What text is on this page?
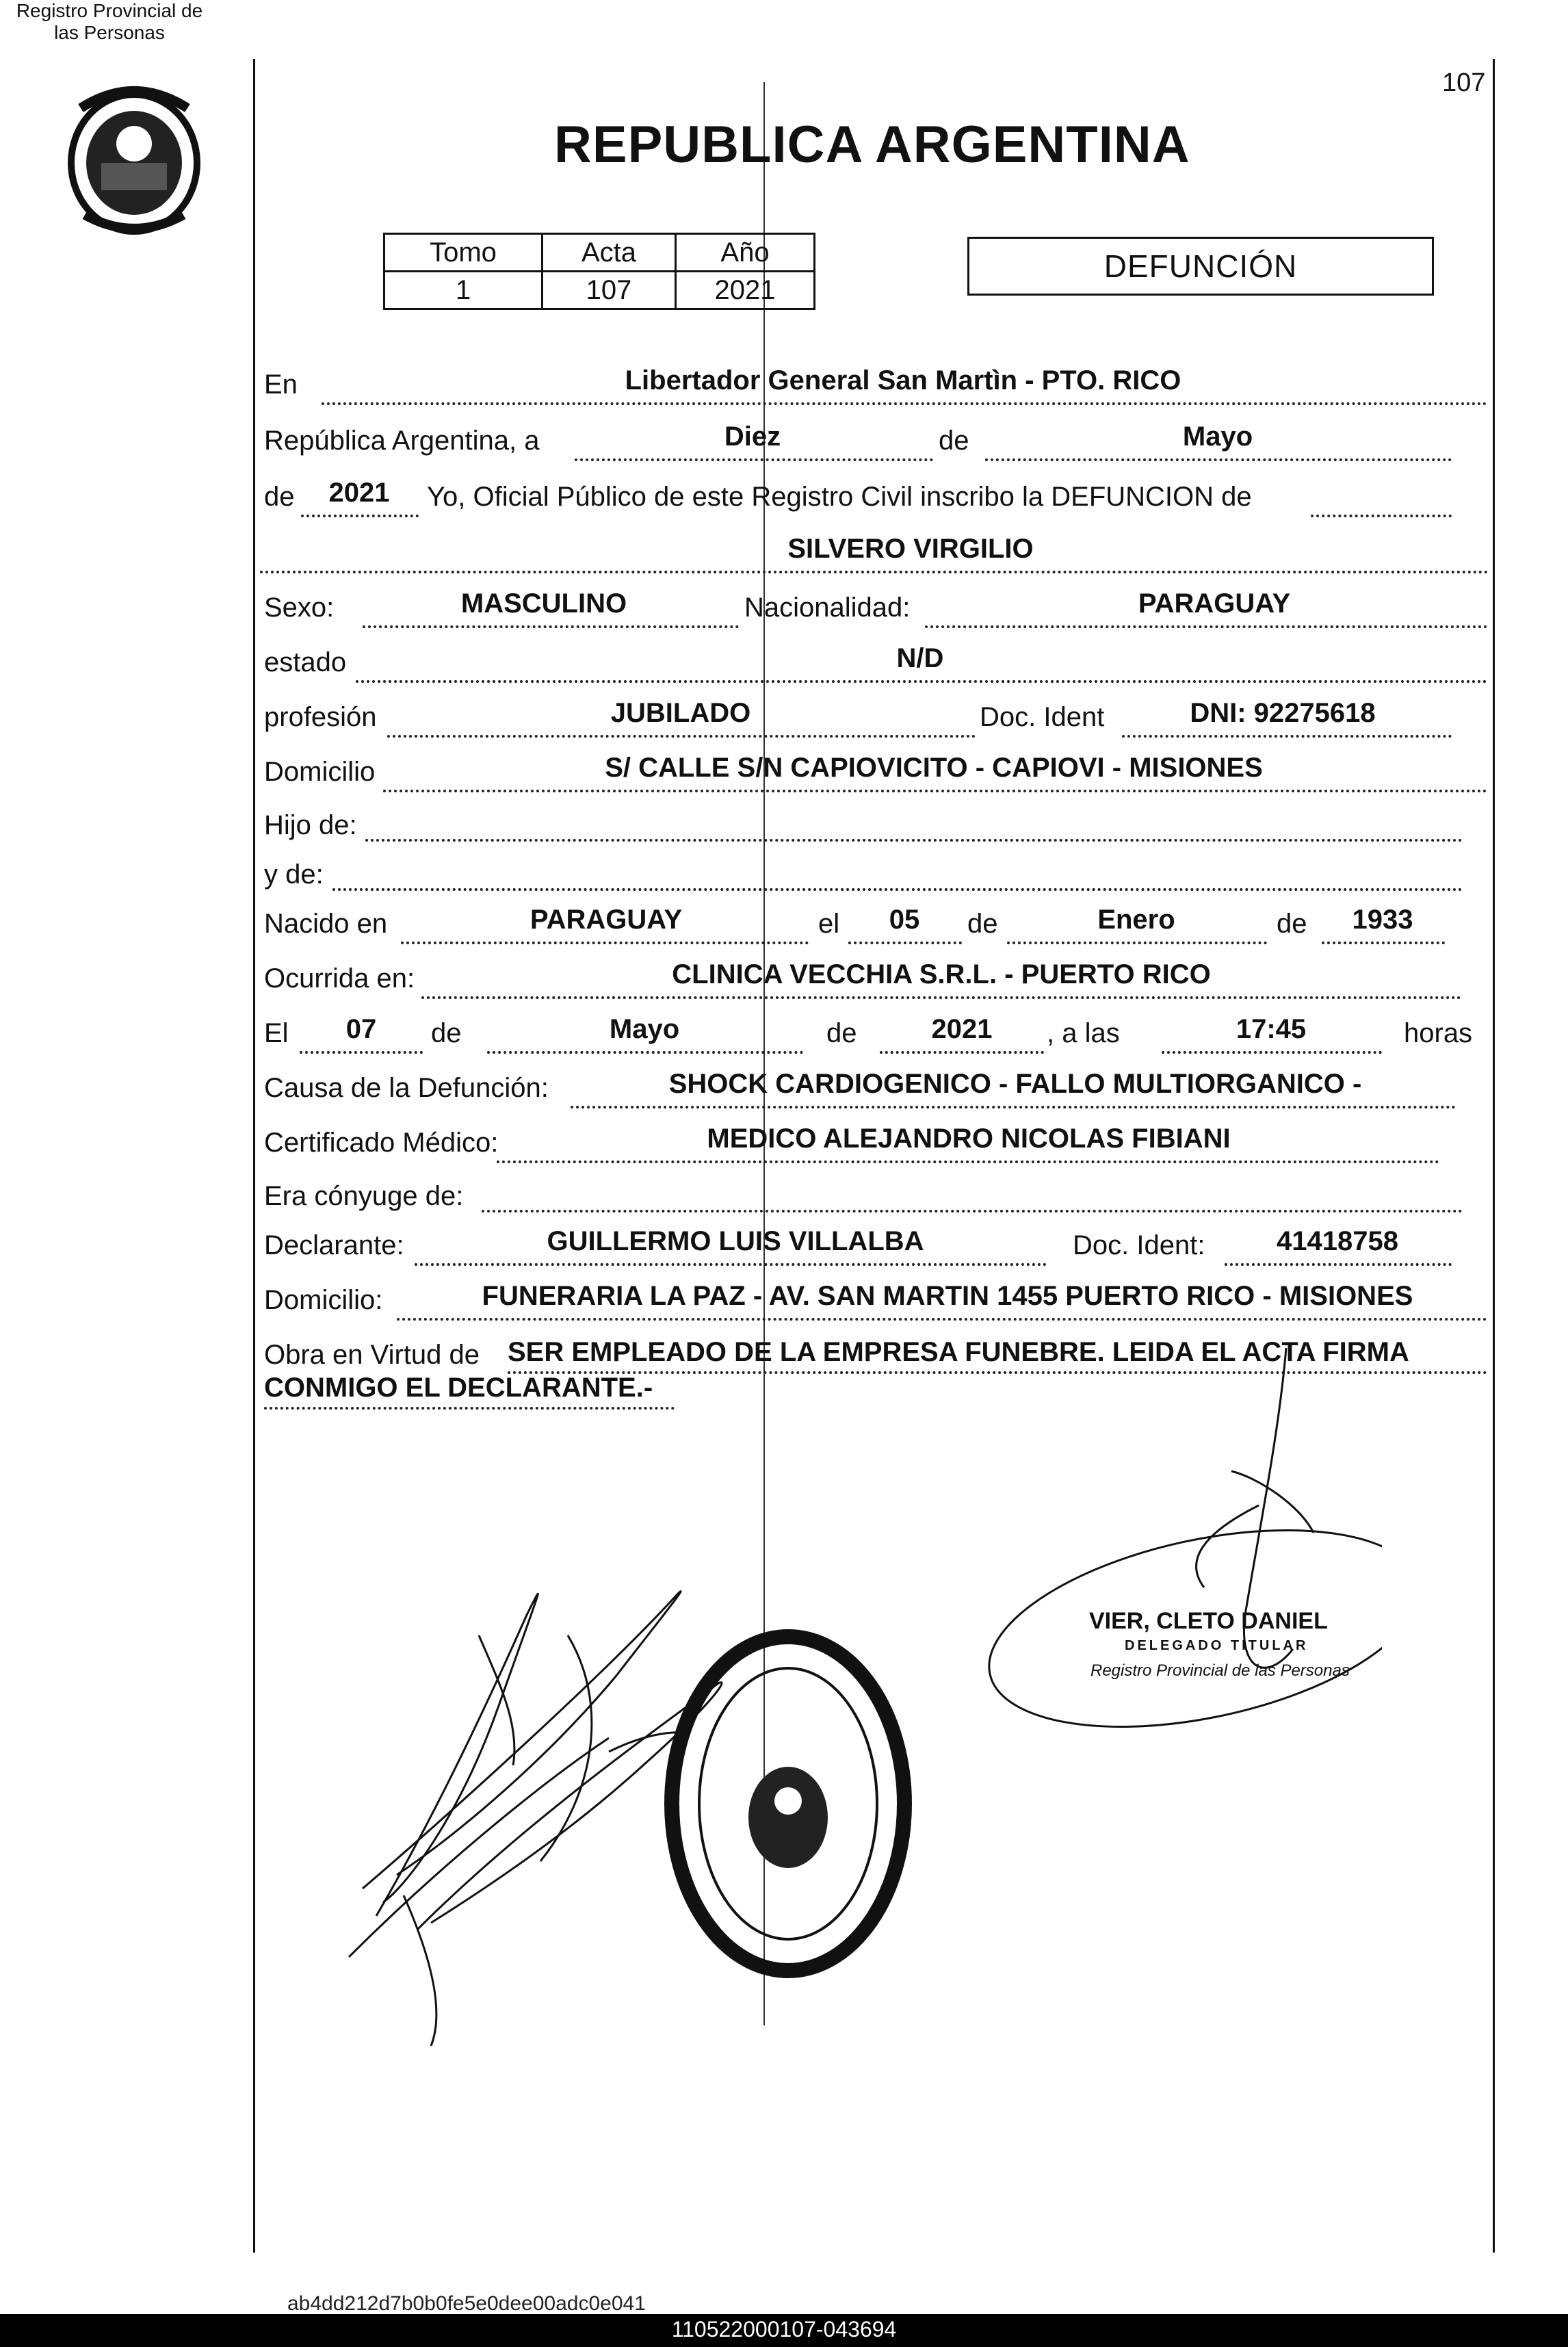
Registro Provincial de
las Personas
107
REPUBLICA ARGENTINA
Tomo	Acta	Año
1	107	2021
DEFUNCIÓN
En	Libertador General San Martìn - PTO. RICO
República Argentina, a	Diez	de	Mayo
de	2021	Yo, Oficial Público de este Registro Civil inscribo la DEFUNCION de
SILVERO VIRGILIO
Sexo:	MASCULINO	Nacionalidad:	PARAGUAY
estado	N/D
profesión	JUBILADO	Doc. Ident	DNI: 92275618
Domicilio	S/ CALLE S/N CAPIOVICITO - CAPIOVI - MISIONES
Hijo de:
y de:
Nacido en	PARAGUAY	el	05	de	Enero	de	1933
Ocurrida en:	CLINICA VECCHIA S.R.L. - PUERTO RICO
El	07	de	Mayo	de	2021	, a las	17:45	horas
Causa de la Defunción:	SHOCK CARDIOGENICO - FALLO MULTIORGANICO -
Certificado Médico:	MEDICO ALEJANDRO NICOLAS FIBIANI
Era cónyuge de:
Declarante:	GUILLERMO LUIS VILLALBA	Doc. Ident:	41418758
Domicilio:	FUNERARIA LA PAZ - AV. SAN MARTIN 1455 PUERTO RICO - MISIONES
Obra en Virtud de SER EMPLEADO DE LA EMPRESA FUNEBRE. LEIDA EL ACTA FIRMA
CONMIGO EL DECLARANTE.-
VIER, CLETO DANIEL
DELEGADO TITULAR
Registro Provincial de las Personas
ab4dd212d7b0b0fe5e0dee00adc0e041
110522000107-043694
